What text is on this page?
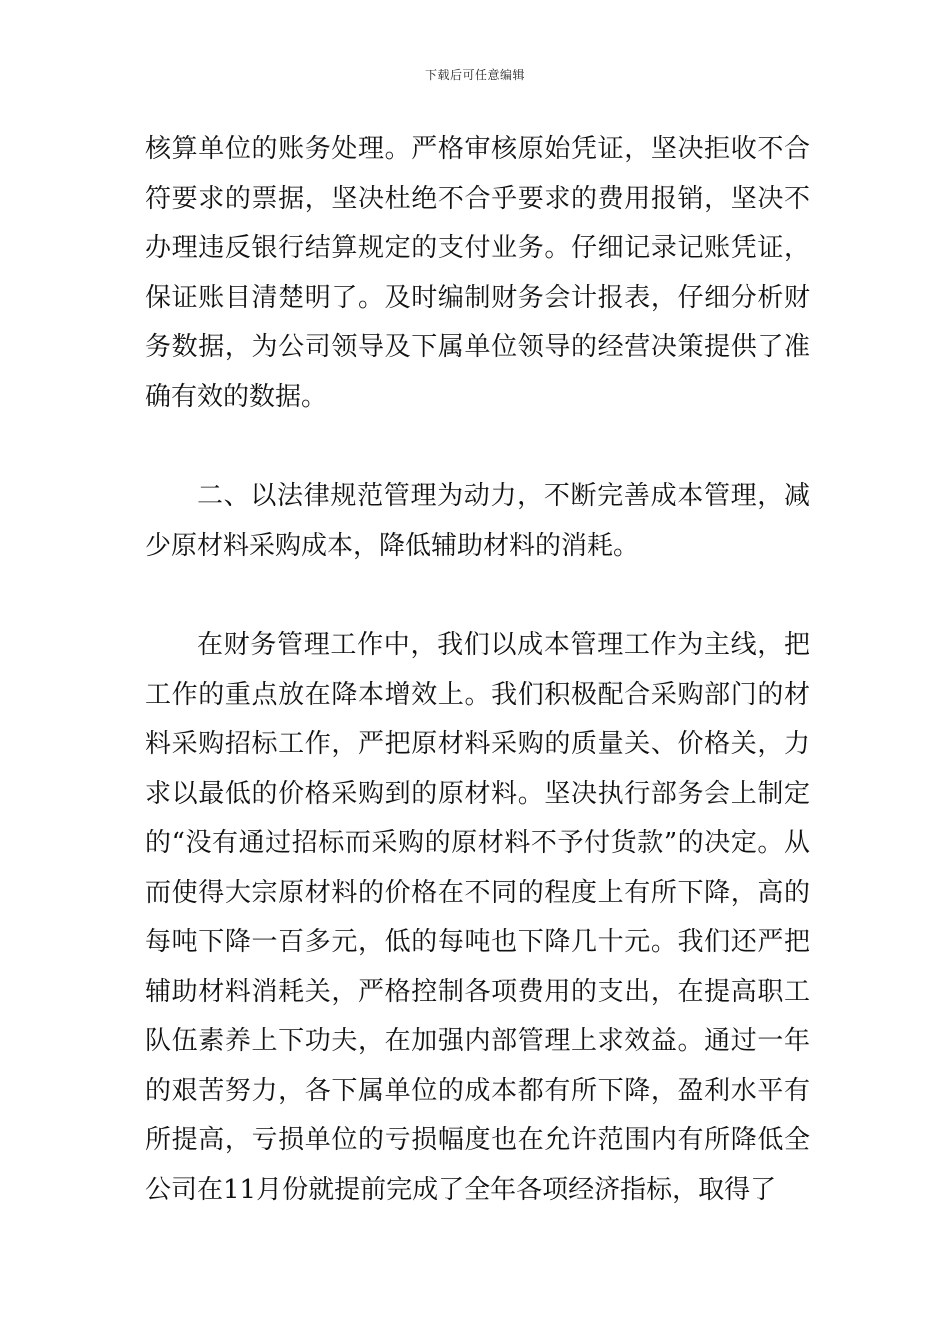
下载后可任意编辑

核算单位的账务处理。严格审核原始凭证，坚决拒收不合符要求的票据，坚决杜绝不合乎要求的费用报销，坚决不办理违反银行结算规定的支付业务。仔细记录记账凭证，保证账目清楚明了。及时编制财务会计报表，仔细分析财务数据，为公司领导及下属单位领导的经营决策提供了准确有效的数据。

二、以法律规范管理为动力，不断完善成本管理，减少原材料采购成本，降低辅助材料的消耗。

在财务管理工作中，我们以成本管理工作为主线，把工作的重点放在降本增效上。我们积极配合采购部门的材料采购招标工作，严把原材料采购的质量关、价格关，力求以最低的价格采购到的原材料。坚决执行部务会上制定的“没有通过招标而采购的原材料不予付货款”的决定。从而使得大宗原材料的价格在不同的程度上有所下降，高的每吨下降一百多元，低的每吨也下降几十元。我们还严把辅助材料消耗关，严格控制各项费用的支出，在提高职工队伍素养上下功夫，在加强内部管理上求效益。通过一年的艰苦努力，各下属单位的成本都有所下降，盈利水平有所提高，亏损单位的亏损幅度也在允许范围内有所降低全公司在11月份就提前完成了全年各项经济指标，取得了
